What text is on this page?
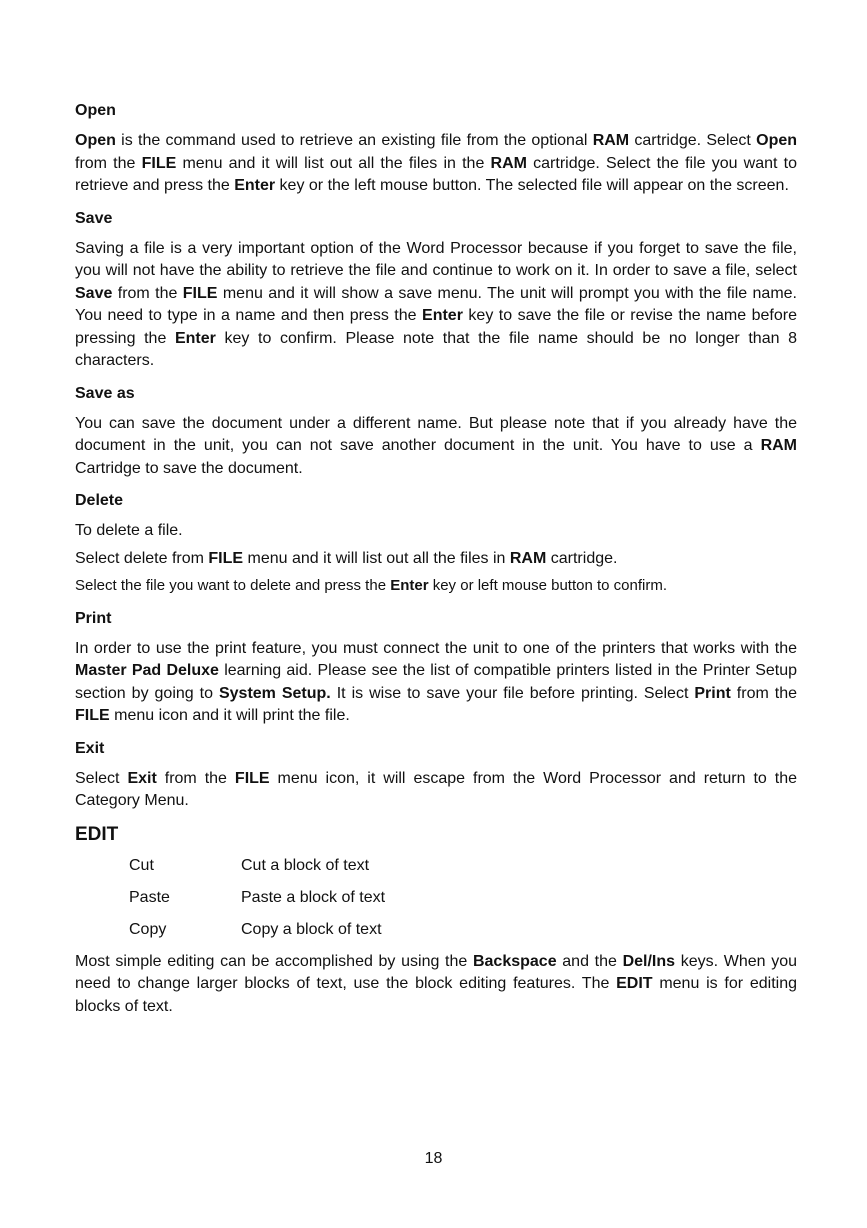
Open

Open is the command used to retrieve an existing file from the optional RAM cartridge. Select Open from the FILE menu and it will list out all the files in the RAM cartridge. Select the file you want to retrieve and press the Enter key or the left mouse button. The selected file will appear on the screen.

Save

Saving a file is a very important option of the Word Processor because if you forget to save the file, you will not have the ability to retrieve the file and continue to work on it. In order to save a file, select Save from the FILE menu and it will show a save menu. The unit will prompt you with the file name. You need to type in a name and then press the Enter key to save the file or revise the name before pressing the Enter key to confirm. Please note that the file name should be no longer than 8 characters.

Save as

You can save the document under a different name. But please note that if you already have the document in the unit, you can not save another document in the unit. You have to use a RAM Cartridge to save the document.

Delete

To delete a file.

Select delete from FILE menu and it will list out all the files in RAM cartridge.

Select the file you want to delete and press the Enter key or left mouse button to confirm.

Print

In order to use the print feature, you must connect the unit to one of the printers that works with the Master Pad Deluxe learning aid. Please see the list of compatible printers listed in the Printer Setup section by going to System Setup. It is wise to save your file before printing. Select Print from the FILE menu icon and it will print the file.

Exit

Select Exit from the FILE menu icon, it will escape from the Word Processor and return to the Category Menu.

EDIT
Cut	Cut a block of text
Paste	Paste a block of text
Copy	Copy a block of text

Most simple editing can be accomplished by using the Backspace and the Del/Ins keys. When you need to change larger blocks of text, use the block editing features. The EDIT menu is for editing blocks of text.

18
